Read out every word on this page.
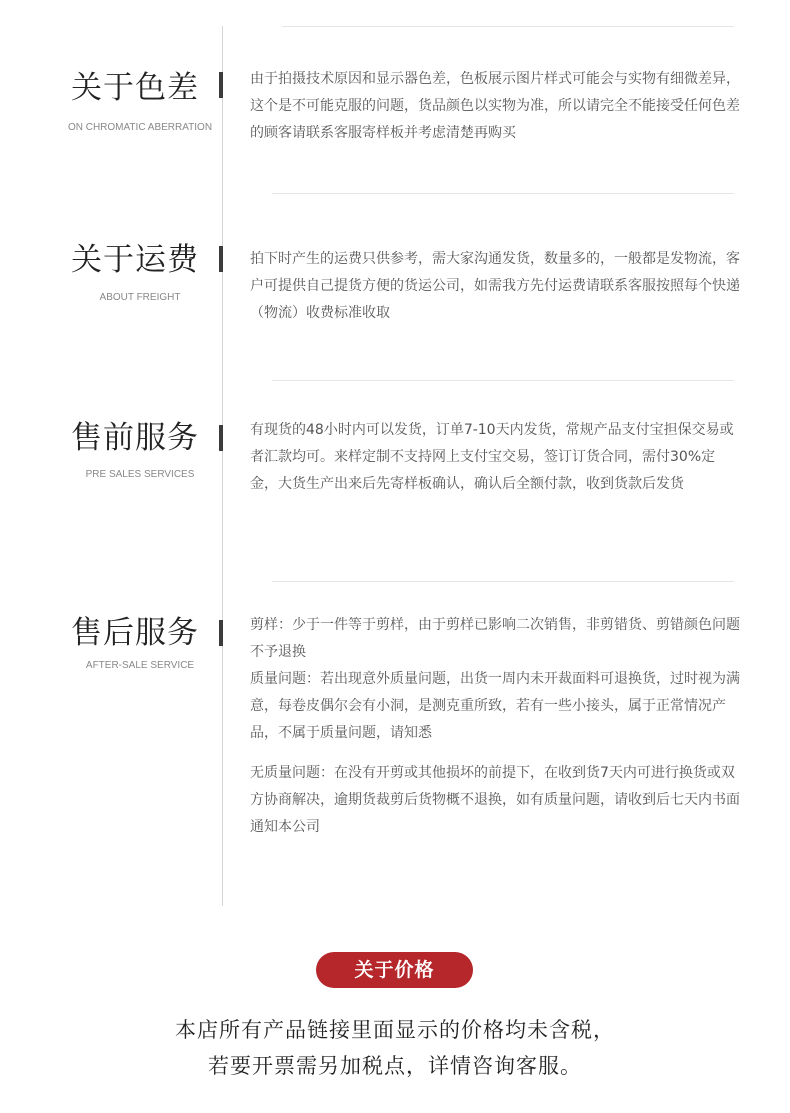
关于色差
ON CHROMATIC ABERRATION

由于拍摄技术原因和显示器色差，色板展示图片样式可能会与实物有细微差异，这个是不可能克服的问题，货品颜色以实物为准，所以请完全不能接受任何色差的顾客请联系客服寄样板并考虑清楚再购买

关于运费
ABOUT FREIGHT

拍下时产生的运费只供参考，需大家沟通发货，数量多的，一般都是发物流，客户可提供自己提货方便的货运公司，如需我方先付运费请联系客服按照每个快递（物流）收费标准收取

售前服务
PRE SALES SERVICES

有现货的48小时内可以发货，订单7-10天内发货，常规产品支付宝担保交易或者汇款均可。来样定制不支持网上支付宝交易，签订订货合同，需付30%定金，大货生产出来后先寄样板确认，确认后全额付款，收到货款后发货

售后服务
AFTER-SALE SERVICE

剪样：少于一件等于剪样，由于剪样已影响二次销售，非剪错货、剪错颜色问题不予退换

质量问题：若出现意外质量问题，出货一周内未开裁面料可退换货，过时视为满意，每卷皮偶尔会有小洞，是测克重所致，若有一些小接头，属于正常情况产品，不属于质量问题，请知悉

无质量问题：在没有开剪或其他损坏的前提下，在收到货7天内可进行换货或双方协商解决，逾期货裁剪后货物概不退换，如有质量问题，请收到后七天内书面通知本公司

关于价格
本店所有产品链接里面显示的价格均未含税，
若要开票需另加税点，详情咨询客服。
